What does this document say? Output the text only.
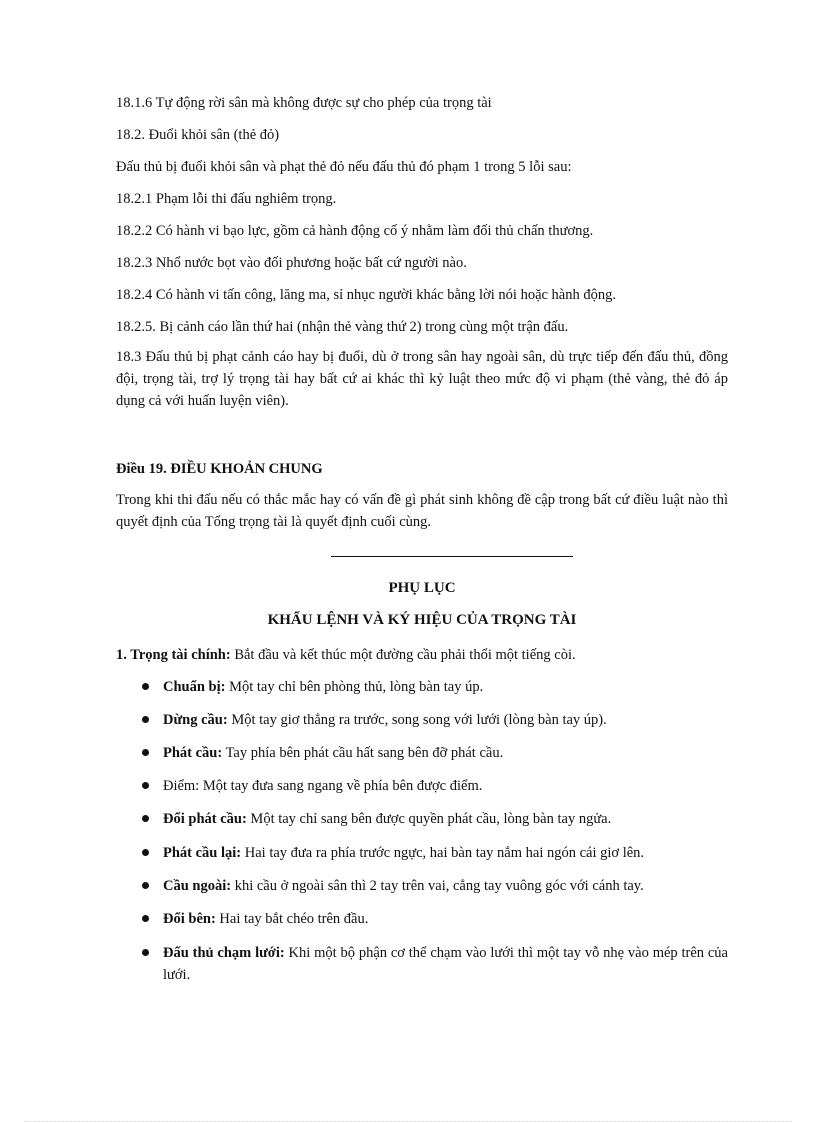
18.1.6 Tự động rời sân mà không được sự cho phép của trọng tài
18.2. Đuổi khỏi sân (thẻ đỏ)
Đấu thủ bị đuổi khỏi sân và phạt thẻ đỏ nếu đấu thủ đó phạm 1 trong 5 lỗi sau:
18.2.1 Phạm lỗi thi đấu nghiêm trọng.
18.2.2 Có hành vi bạo lực, gồm cả hành động cố ý nhằm làm đối thủ chấn thương.
18.2.3 Nhổ nước bọt vào đối phương hoặc bất cứ người nào.
18.2.4 Có hành vi tấn công, lăng ma, sỉ nhục người khác bằng lời nói hoặc hành động.
18.2.5. Bị cảnh cáo lần thứ hai (nhận thẻ vàng thứ 2) trong cùng một trận đấu.
18.3 Đấu thủ bị phạt cảnh cáo hay bị đuổi, dù ở trong sân hay ngoài sân, dù trực tiếp đến đấu thủ, đồng đội, trọng tài, trợ lý trọng tài hay bất cứ ai khác thì kỷ luật theo mức độ vi phạm (thẻ vàng, thẻ đỏ áp dụng cả với huấn luyện viên).
Điều 19. ĐIỀU KHOẢN CHUNG
Trong khi thi đấu nếu có thắc mắc hay có vấn đề gì phát sinh không đề cập trong bất cứ điều luật nào thì quyết định của Tổng trọng tài là quyết định cuối cùng.
PHỤ LỤC
KHẨU LỆNH VÀ KÝ HIỆU CỦA TRỌNG TÀI
1. Trọng tài chính: Bắt đầu và kết thúc một đường cầu phải thổi một tiếng còi.
Chuẩn bị: Một tay chỉ bên phòng thủ, lòng bàn tay úp.
Dừng cầu: Một tay giơ thẳng ra trước, song song với lưới (lòng bàn tay úp).
Phát cầu: Tay phía bên phát cầu hất sang bên đỡ phát cầu.
Điểm: Một tay đưa sang ngang về phía bên được điểm.
Đổi phát cầu: Một tay chỉ sang bên được quyền phát cầu, lòng bàn tay ngửa.
Phát cầu lại: Hai tay đưa ra phía trước ngực, hai bàn tay nắm hai ngón cái giơ lên.
Cầu ngoài: khi cầu ở ngoài sân thì 2 tay trên vai, cẳng tay vuông góc với cánh tay.
Đổi bên: Hai tay bắt chéo trên đầu.
Đấu thủ chạm lưới: Khi một bộ phận cơ thể chạm vào lưới thì một tay vỗ nhẹ vào mép trên của lưới.
